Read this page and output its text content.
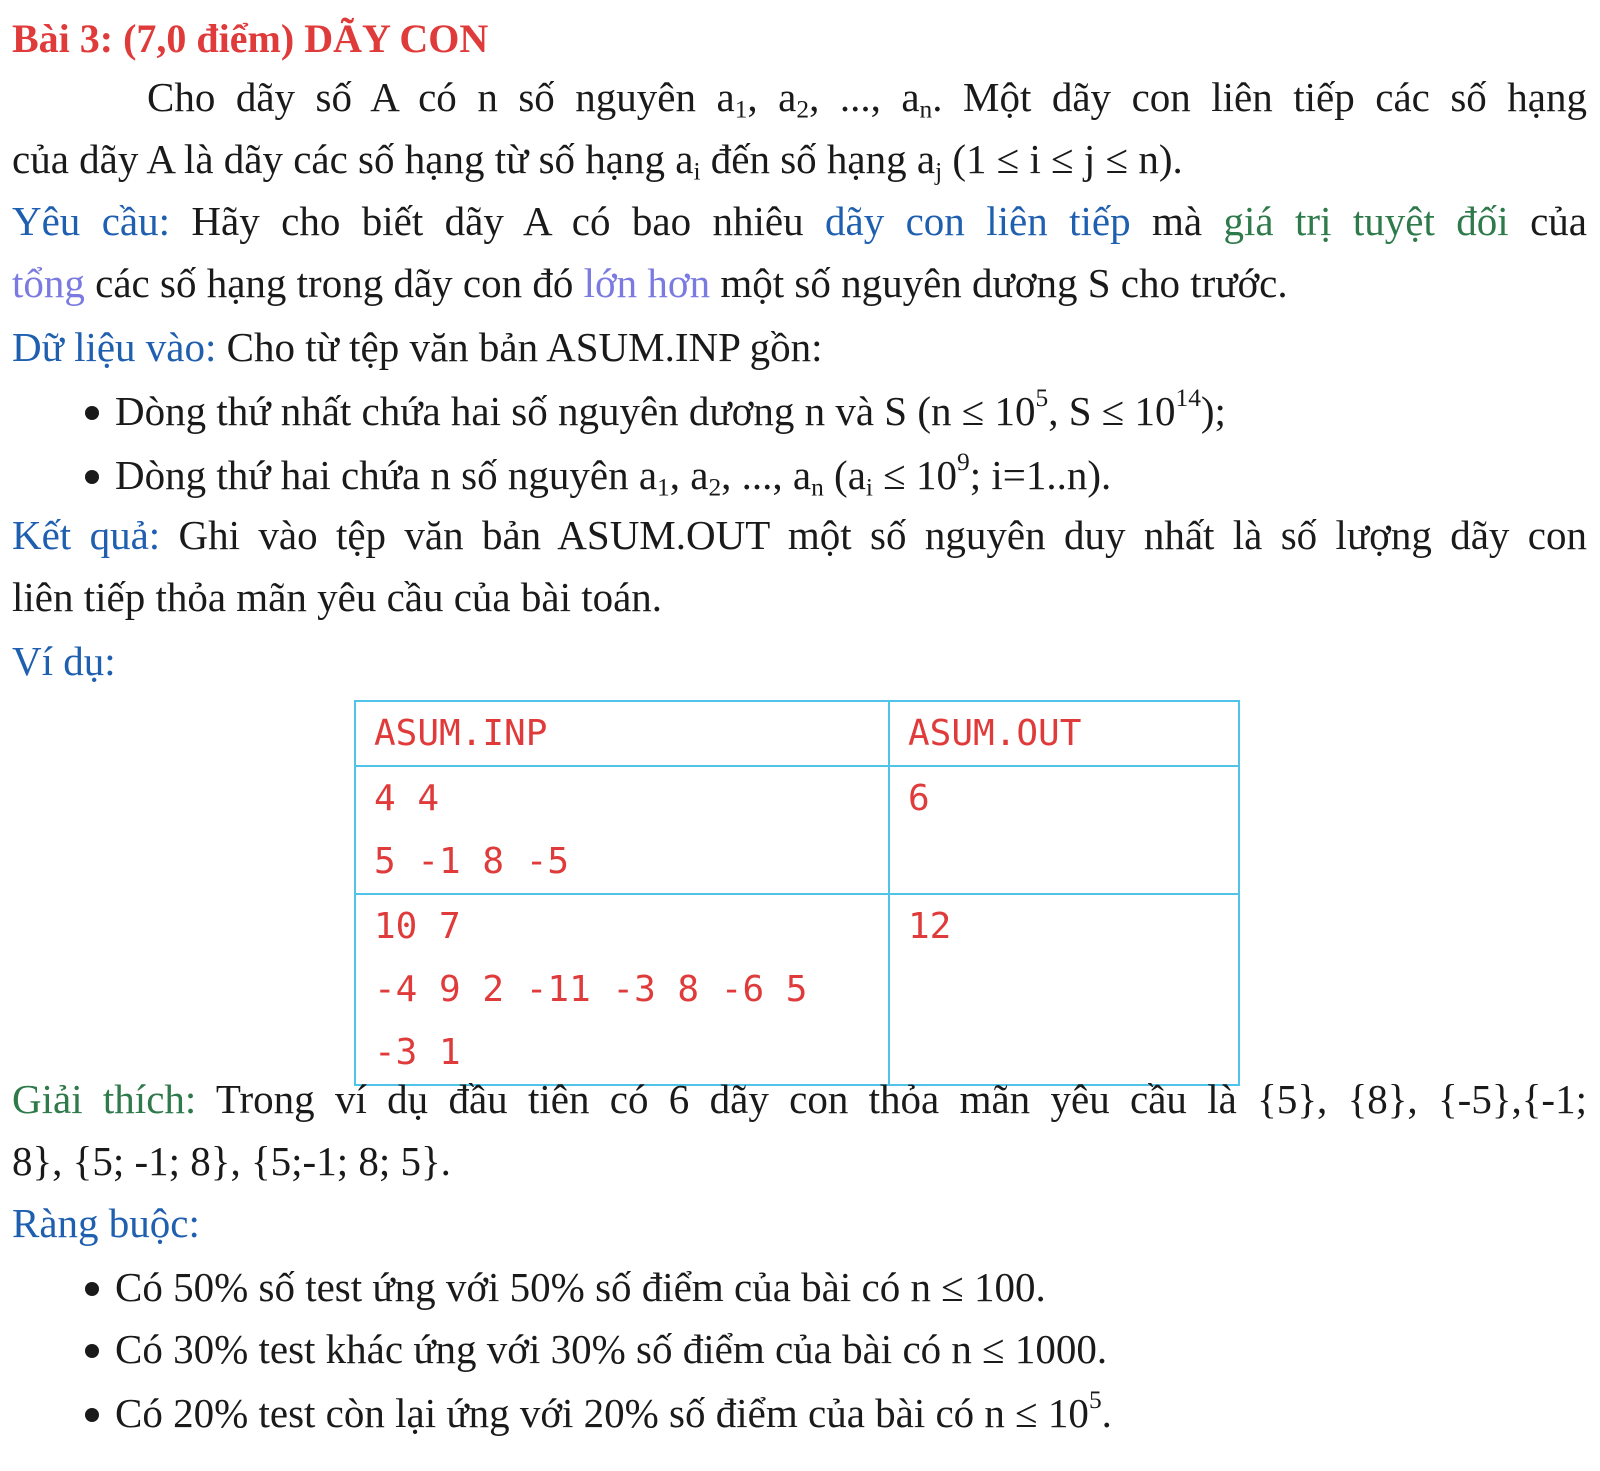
Bài 3: (7,0 điểm) DÃY CON
Cho dãy số A có n số nguyên $a_1$, $a_2$, ..., $a_n$. Một dãy con liên tiếp các số hạng
của dãy A là dãy các số hạng từ số hạng $a_i$ đến số hạng $a_j$ (1 ≤ i ≤ j ≤ n).
Yêu cầu: Hãy cho biết dãy A có bao nhiêu dãy con liên tiếp mà giá trị tuyệt đối của
tổng các số hạng trong dãy con đó lớn hơn một số nguyên dương S cho trước.
Dữ liệu vào: Cho từ tệp văn bản ASUM.INP gồn:
Dòng thứ nhất chứa hai số nguyên dương n và S ($n \le 10^5$, $S \le 10^{14}$);
Dòng thứ hai chứa n số nguyên $a_1$, $a_2$, ..., $a_n$ ($a_i \le 10^9$; i=1..n).
Kết quả: Ghi vào tệp văn bản ASUM.OUT một số nguyên duy nhất là số lượng dãy con
liên tiếp thỏa mãn yêu cầu của bài toán.
Ví dụ:
ASUM.INP	ASUM.OUT

4 4
5 -1 8 -5	6

10 7
-4 9 2 -11 -3 8 -6 5
-3 1	12
Giải thích: Trong ví dụ đầu tiên có 6 dãy con thỏa mãn yêu cầu là {5}, {8}, {-5},{-1;
8}, {5; -1; 8}, {5;-1; 8; 5}.
Ràng buộc:
Có 50% số test ứng với 50% số điểm của bài có n ≤ 100.
Có 30% test khác ứng với 30% số điểm của bài có n ≤ 1000.
Có 20% test còn lại ứng với 20% số điểm của bài có $n \le 10^5$.
